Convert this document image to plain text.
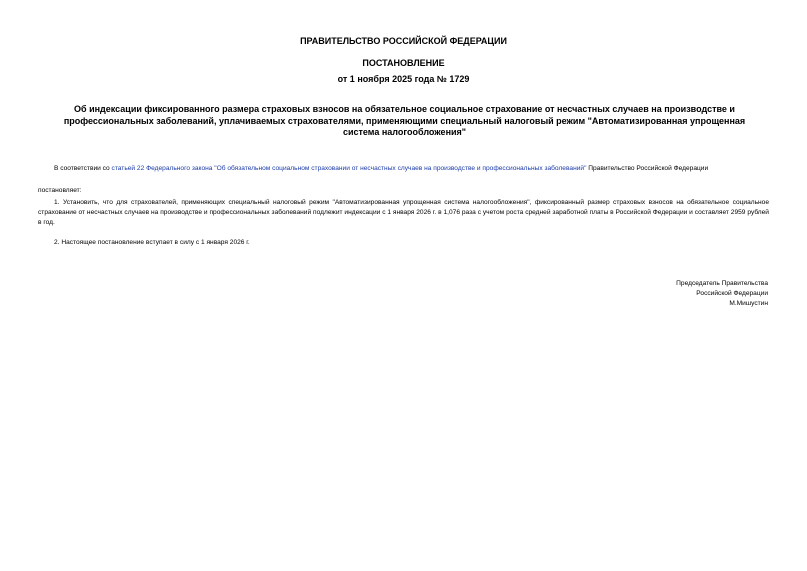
ПРАВИТЕЛЬСТВО РОССИЙСКОЙ ФЕДЕРАЦИИ
ПОСТАНОВЛЕНИЕ
от 1 ноября 2025 года № 1729
Об индексации фиксированного размера страховых взносов на обязательное социальное страхование от несчастных случаев на производстве и профессиональных заболеваний, уплачиваемых страхователями, применяющими специальный налоговый режим "Автоматизированная упрощенная система налогообложения"
В соответствии со статьей 22 Федерального закона "Об обязательном социальном страховании от несчастных случаев на производстве и профессиональных заболеваний" Правительство Российской Федерации
постановляет:
1. Установить, что для страхователей, применяющих специальный налоговый режим "Автоматизированная упрощенная система налогообложения", фиксированный размер страховых взносов на обязательное социальное страхование от несчастных случаев на производстве и профессиональных заболеваний подлежит индексации с 1 января 2026 г. в 1,076 раза с учетом роста средней заработной платы в Российской Федерации и составляет 2959 рублей в год.
2. Настоящее постановление вступает в силу с 1 января 2026 г.
Председатель Правительства
Российской Федерации
М.Мишустин
